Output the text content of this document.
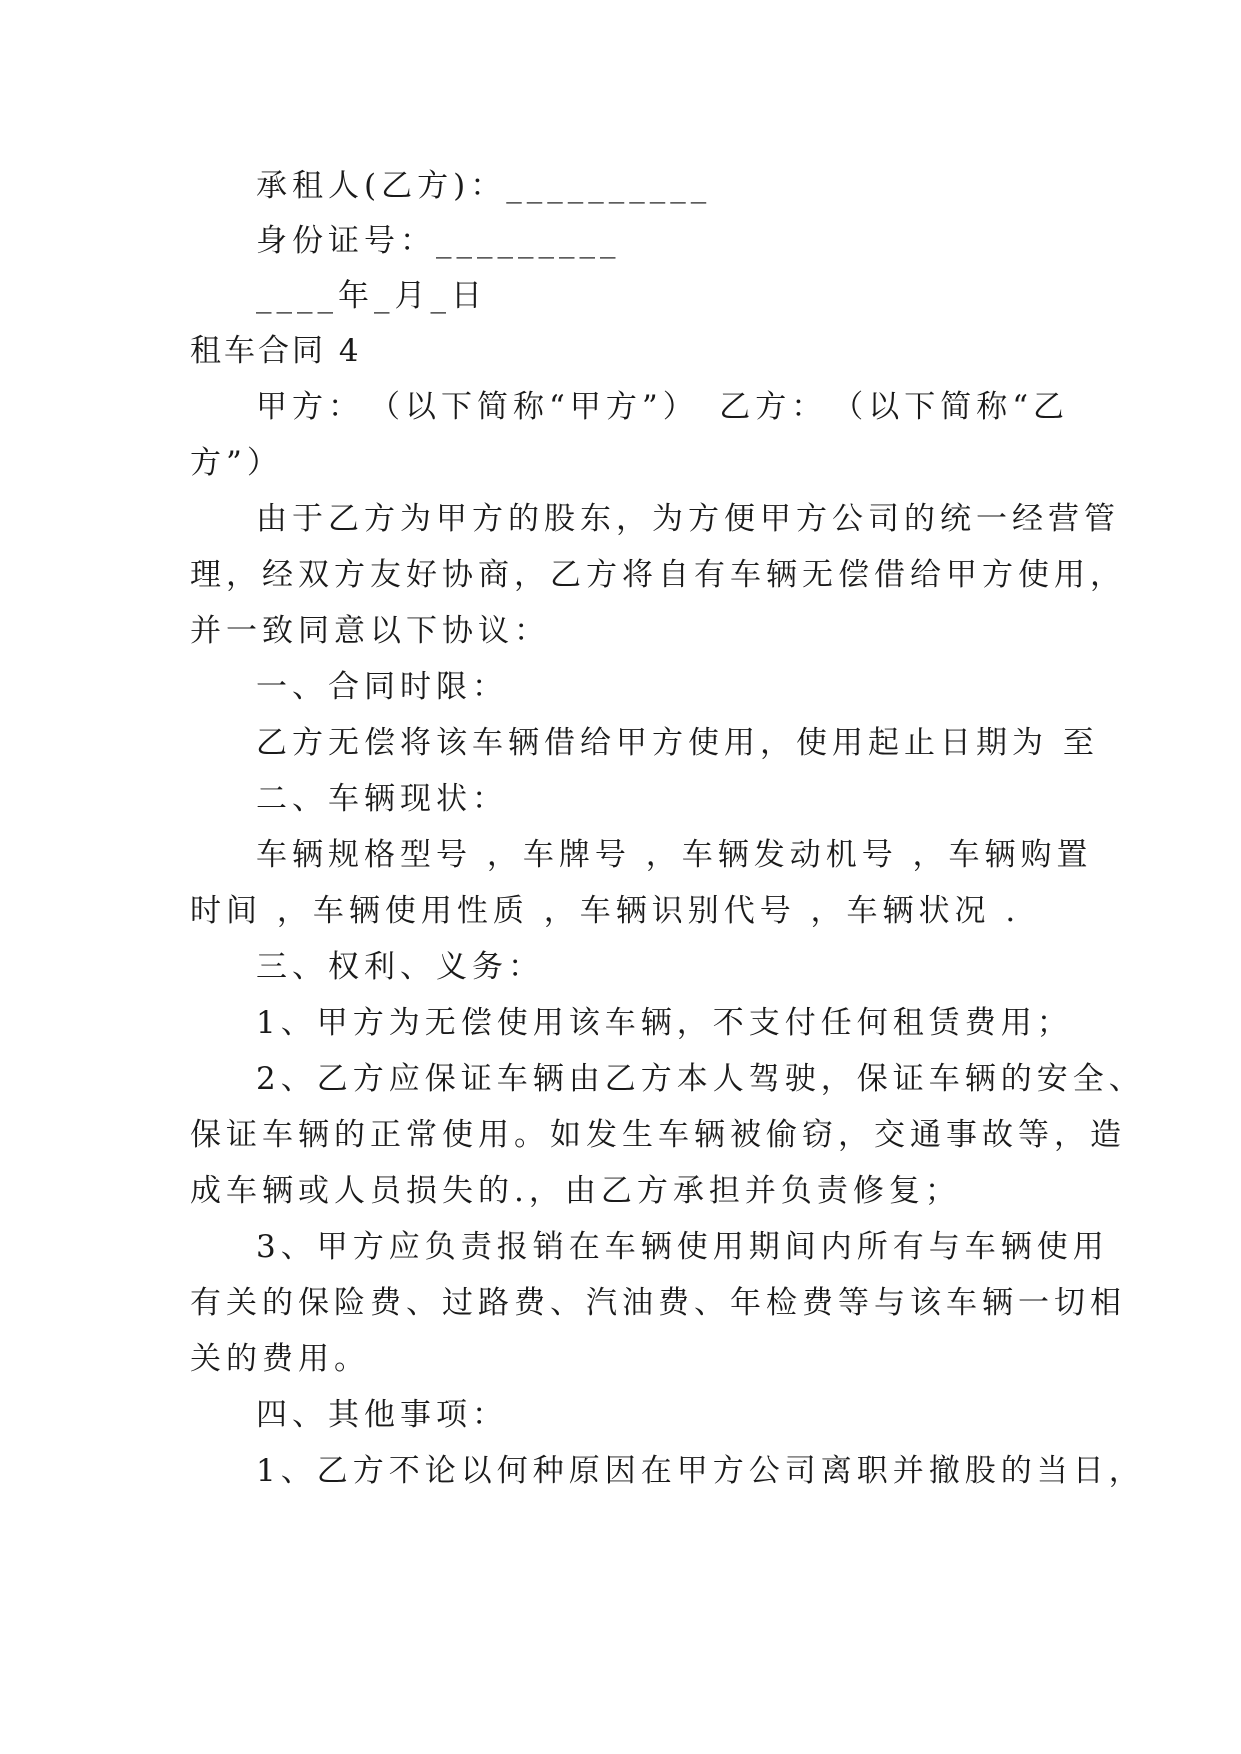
承租人(乙方)：__________
身份证号：_________
____年_月_日
租车合同 4
甲方：　（以下简称“甲方”）　乙方：　（以下简称“乙
方”）
由于乙方为甲方的股东，为方便甲方公司的统一经营管
理，经双方友好协商，乙方将自有车辆无偿借给甲方使用，
并一致同意以下协议：
一、合同时限：
乙方无偿将该车辆借给甲方使用，使用起止日期为 至
二、车辆现状：
车辆规格型号 ，车牌号 ，车辆发动机号 ，车辆购置
时间 ，车辆使用性质 ，车辆识别代号 ，车辆状况 .
三、权利、义务：
1、甲方为无偿使用该车辆，不支付任何租赁费用；
2、乙方应保证车辆由乙方本人驾驶，保证车辆的安全、
保证车辆的正常使用。如发生车辆被偷窃，交通事故等，造
成车辆或人员损失的.，由乙方承担并负责修复；
3、甲方应负责报销在车辆使用期间内所有与车辆使用
有关的保险费、过路费、汽油费、年检费等与该车辆一切相
关的费用。
四、其他事项：
1、乙方不论以何种原因在甲方公司离职并撤股的当日，
